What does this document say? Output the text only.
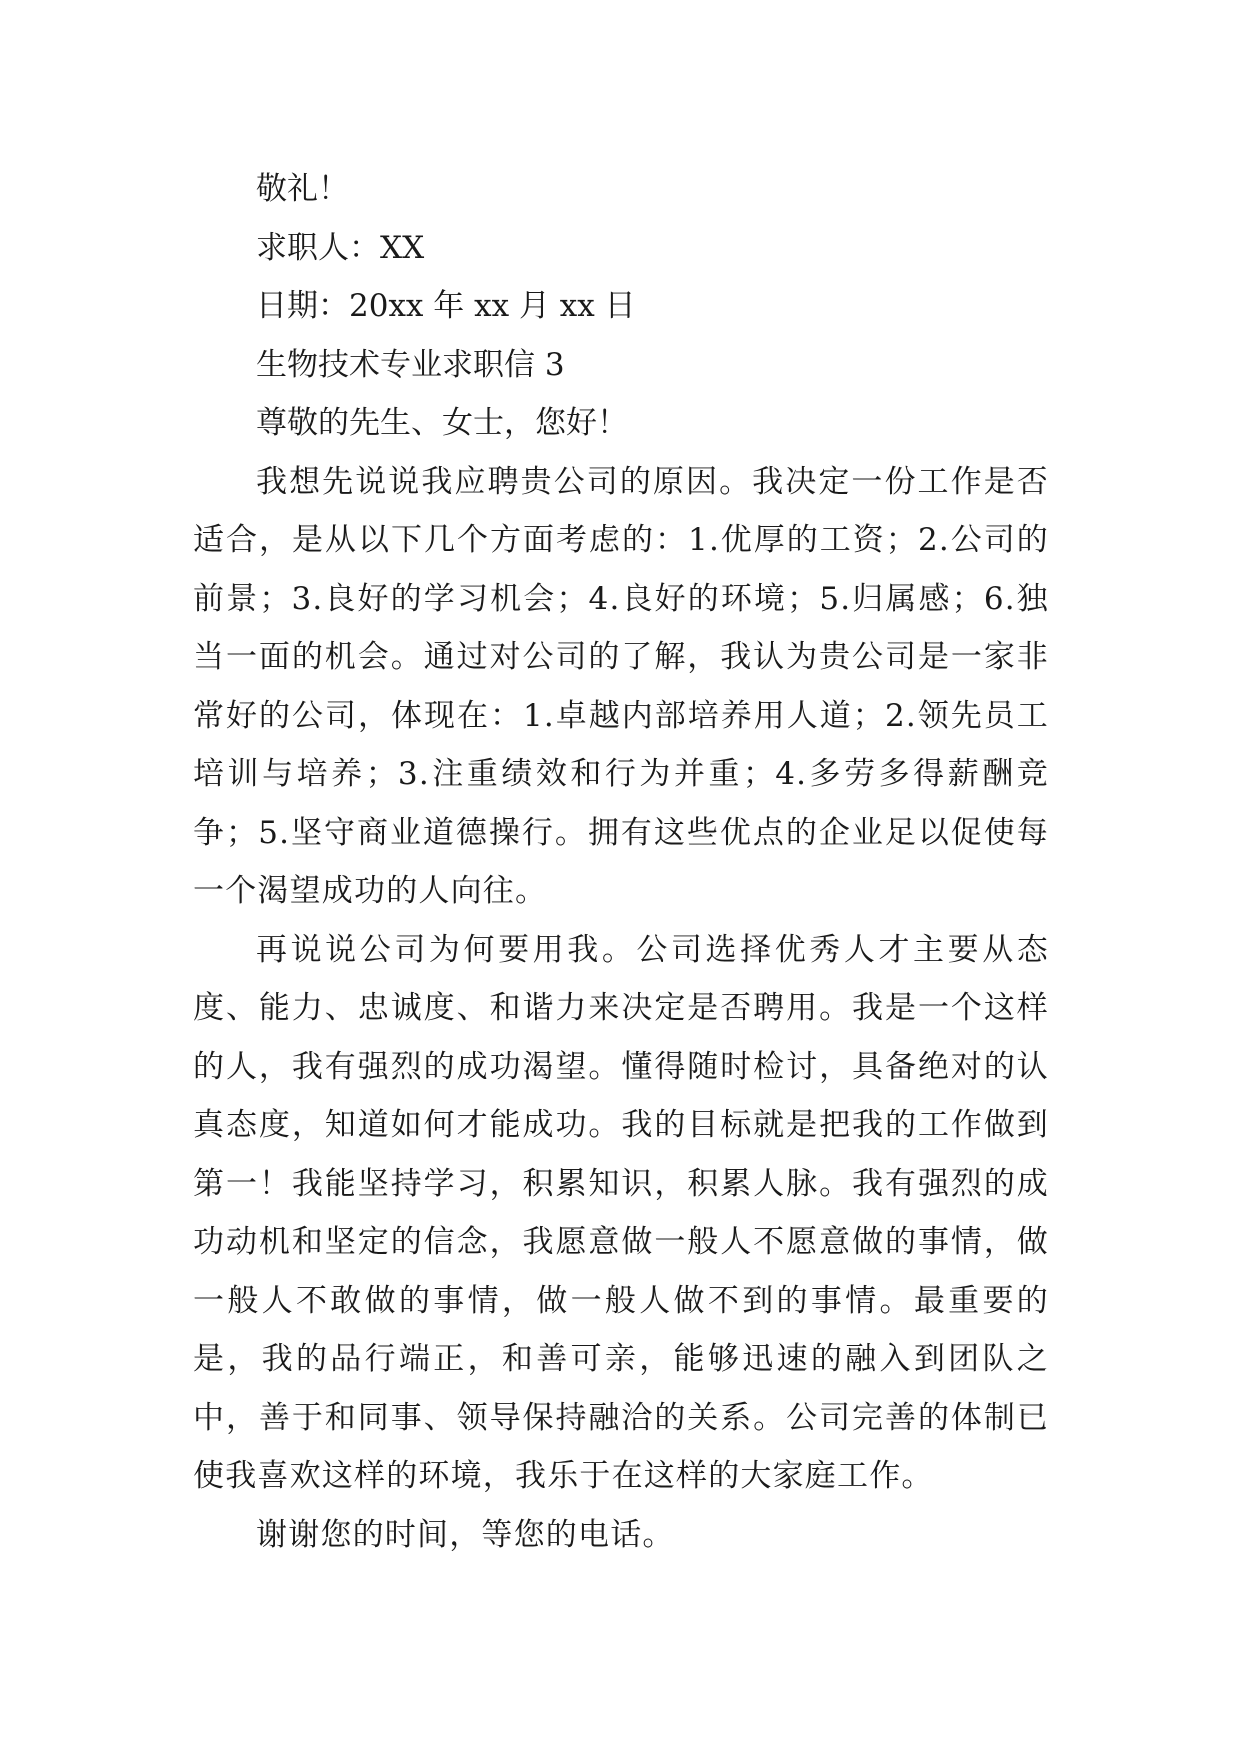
敬礼！

求职人：XX

日期：20xx 年 xx 月 xx 日

生物技术专业求职信 3

尊敬的先生、女士，您好！

我想先说说我应聘贵公司的原因。我决定一份工作是否适合，是从以下几个方面考虑的：1.优厚的工资；2.公司的前景；3.良好的学习机会；4.良好的环境；5.归属感；6.独当一面的机会。通过对公司的了解，我认为贵公司是一家非常好的公司，体现在：1.卓越内部培养用人道；2.领先员工培训与培养；3.注重绩效和行为并重；4.多劳多得薪酬竞争；5.坚守商业道德操行。拥有这些优点的企业足以促使每一个渴望成功的人向往。

再说说公司为何要用我。公司选择优秀人才主要从态度、能力、忠诚度、和谐力来决定是否聘用。我是一个这样的人，我有强烈的成功渴望。懂得随时检讨，具备绝对的认真态度，知道如何才能成功。我的目标就是把我的工作做到第一！我能坚持学习，积累知识，积累人脉。我有强烈的成功动机和坚定的信念，我愿意做一般人不愿意做的事情，做一般人不敢做的事情，做一般人做不到的事情。最重要的是，我的品行端正，和善可亲，能够迅速的融入到团队之中，善于和同事、领导保持融洽的关系。公司完善的体制已使我喜欢这样的环境，我乐于在这样的大家庭工作。

谢谢您的时间，等您的电话。
